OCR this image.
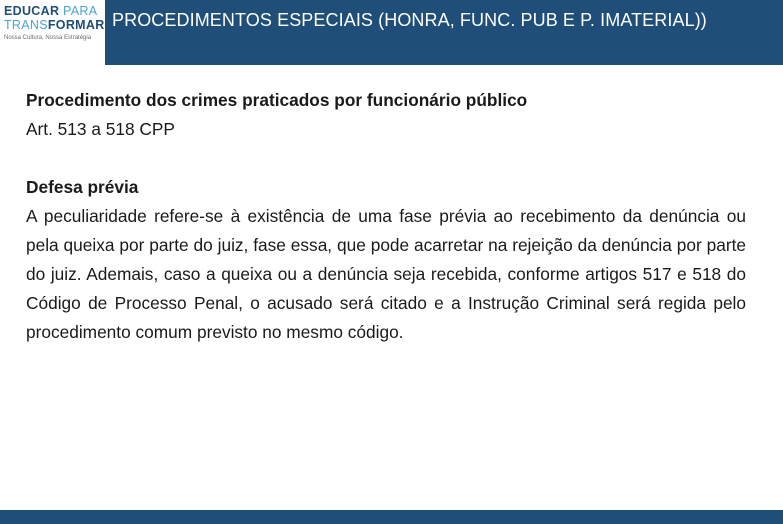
EDUCAR PARA
TRANSFORMAR
Nossa Cultura, Nossa Estratégia
PROCEDIMENTOS ESPECIAIS (HONRA, FUNC. PUB E P. IMATERIAL))

Procedimento dos crimes praticados por funcionário público

Art. 513 a 518 CPP

Defesa prévia

A peculiaridade refere-se à existência de uma fase prévia ao recebimento da denúncia ou pela queixa por parte do juiz, fase essa, que pode acarretar na rejeição da denúncia por parte do juiz. Ademais, caso a queixa ou a denúncia seja recebida, conforme artigos 517 e 518 do Código de Processo Penal, o acusado será citado e a Instrução Criminal será regida pelo procedimento comum previsto no mesmo código.
